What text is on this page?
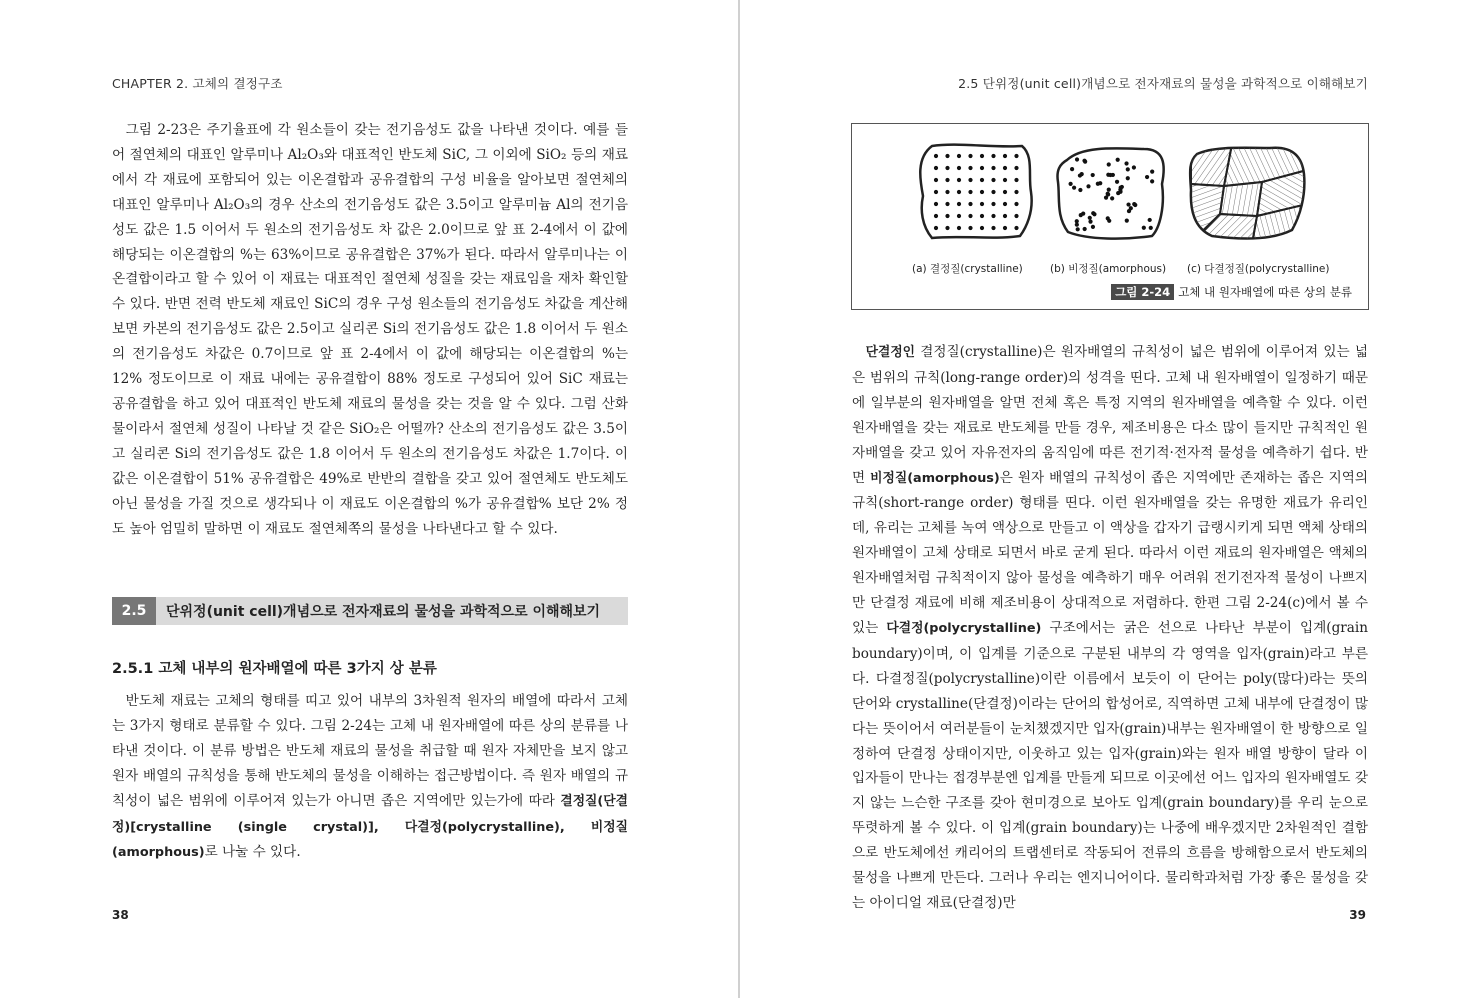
CHAPTER 2. 고체의 결정구조

그림 2-23은 주기율표에 각 원소들이 갖는 전기음성도 값을 나타낸 것이다. 예를 들어 절연체의 대표인 알루미나 Al₂O₃와 대표적인 반도체 SiC, 그 이외에 SiO₂ 등의 재료에서 각 재료에 포함되어 있는 이온결합과 공유결합의 구성 비율을 알아보면 절연체의 대표인 알루미나 Al₂O₃의 경우 산소의 전기음성도 값은 3.5이고 알루미늄 Al의 전기음성도 값은 1.5 이어서 두 원소의 전기음성도 차 값은 2.0이므로 앞 표 2-4에서 이 값에 해당되는 이온결합의 %는 63%이므로 공유결합은 37%가 된다. 따라서 알루미나는 이온결합이라고 할 수 있어 이 재료는 대표적인 절연체 성질을 갖는 재료임을 재차 확인할 수 있다. 반면 전력 반도체 재료인 SiC의 경우 구성 원소들의 전기음성도 차값을 계산해 보면 카본의 전기음성도 값은 2.5이고 실리콘 Si의 전기음성도 값은 1.8 이어서 두 원소의 전기음성도 차값은 0.7이므로 앞 표 2-4에서 이 값에 해당되는 이온결합의 %는 12% 정도이므로 이 재료 내에는 공유결합이 88% 정도로 구성되어 있어 SiC 재료는 공유결합을 하고 있어 대표적인 반도체 재료의 물성을 갖는 것을 알 수 있다. 그럼 산화물이라서 절연체 성질이 나타날 것 같은 SiO₂은 어떨까? 산소의 전기음성도 값은 3.5이고 실리콘 Si의 전기음성도 값은 1.8 이어서 두 원소의 전기음성도 차값은 1.7이다. 이 값은 이온결합이 51% 공유결합은 49%로 반반의 결합을 갖고 있어 절연체도 반도체도 아닌 물성을 가질 것으로 생각되나 이 재료도 이온결합의 %가 공유결합% 보단 2% 정도 높아 엄밀히 말하면 이 재료도 절연체쪽의 물성을 나타낸다고 할 수 있다.

2.5	단위정(unit cell)개념으로 전자재료의 물성을 과학적으로 이해해보기
2.5.1 고체 내부의 원자배열에 따른 3가지 상 분류

반도체 재료는 고체의 형태를 띠고 있어 내부의 3차원적 원자의 배열에 따라서 고체는 3가지 형태로 분류할 수 있다. 그림 2-24는 고체 내 원자배열에 따른 상의 분류를 나타낸 것이다. 이 분류 방법은 반도체 재료의 물성을 취급할 때 원자 자체만을 보지 않고 원자 배열의 규칙성을 통해 반도체의 물성을 이해하는 접근방법이다. 즉 원자 배열의 규칙성이 넓은 범위에 이루어져 있는가 아니면 좁은 지역에만 있는가에 따라 결정질(단결정)[crystalline (single crystal)], 다결정(polycrystalline), 비정질(amorphous)로 나눌 수 있다.

38
2.5 단위정(unit cell)개념으로 전자재료의 물성을 과학적으로 이해해보기
(a) 결정질(crystalline)	(b) 비정질(amorphous) (c) 다결정질(polycrystalline)
그림 2-24 고체 내 원자배열에 따른 상의 분류

단결정인 결정질(crystalline)은 원자배열의 규칙성이 넓은 범위에 이루어져 있는 넓은 범위의 규칙(long-range order)의 성격을 띤다. 고체 내 원자배열이 일정하기 때문에 일부분의 원자배열을 알면 전체 혹은 특정 지역의 원자배열을 예측할 수 있다. 이런 원자배열을 갖는 재료로 반도체를 만들 경우, 제조비용은 다소 많이 들지만 규칙적인 원자배열을 갖고 있어 자유전자의 움직임에 따른 전기적·전자적 물성을 예측하기 쉽다. 반면 비정질(amorphous)은 원자 배열의 규칙성이 좁은 지역에만 존재하는 좁은 지역의 규칙(short-range order) 형태를 띤다. 이런 원자배열을 갖는 유명한 재료가 유리인데, 유리는 고체를 녹여 액상으로 만들고 이 액상을 갑자기 급랭시키게 되면 액체 상태의 원자배열이 고체 상태로 되면서 바로 굳게 된다. 따라서 이런 재료의 원자배열은 액체의 원자배열처럼 규칙적이지 않아 물성을 예측하기 매우 어려워 전기전자적 물성이 나쁘지만 단결정 재료에 비해 제조비용이 상대적으로 저렴하다. 한편 그림 2-24(c)에서 볼 수 있는 다결정(polycrystalline) 구조에서는 굵은 선으로 나타난 부분이 입계(grain boundary)이며, 이 입계를 기준으로 구분된 내부의 각 영역을 입자(grain)라고 부른다. 다결정질(polycrystalline)이란 이름에서 보듯이 이 단어는 poly(많다)라는 뜻의 단어와 crystalline(단결정)이라는 단어의 합성어로, 직역하면 고체 내부에 단결정이 많다는 뜻이어서 여러분들이 눈치챘겠지만 입자(grain)내부는 원자배열이 한 방향으로 일정하여 단결정 상태이지만, 이웃하고 있는 입자(grain)와는 원자 배열 방향이 달라 이 입자들이 만나는 접경부분엔 입계를 만들게 되므로 이곳에선 어느 입자의 원자배열도 갖지 않는 느슨한 구조를 갖아 현미경으로 보아도 입계(grain boundary)를 우리 눈으로 뚜렷하게 볼 수 있다. 이 입계(grain boundary)는 나중에 배우겠지만 2차원적인 결함으로 반도체에선 캐리어의 트랩센터로 작동되어 전류의 흐름을 방해함으로서 반도체의 물성을 나쁘게 만든다. 그러나 우리는 엔지니어이다. 물리학과처럼 가장 좋은 물성을 갖는 아이디얼 재료(단결정)만

39
